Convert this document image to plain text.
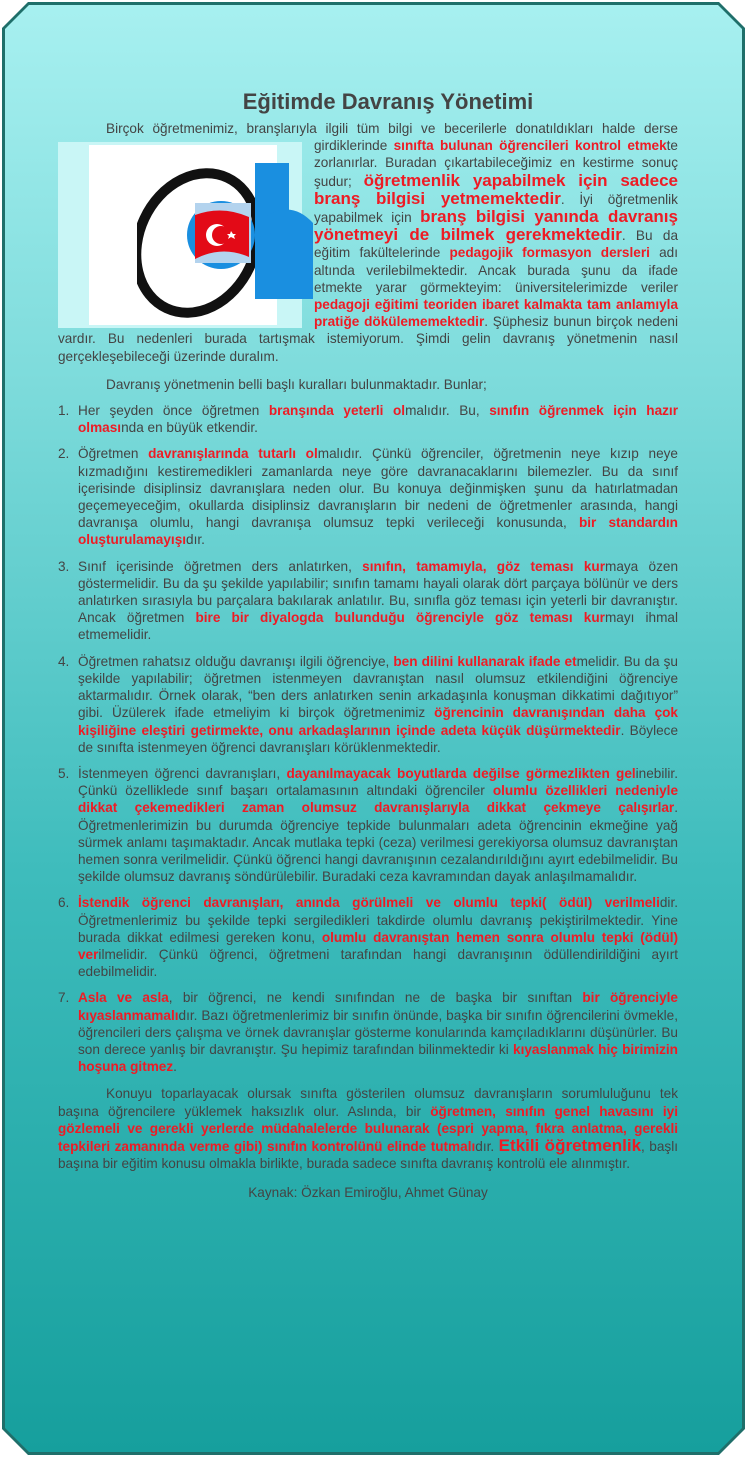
Eğitimde Davranış Yönetimi

Birçok öğretmenimiz, branşlarıyla ilgili tüm bilgi ve becerilerle donatıldıkları halde derse girdiklerinde
sınıfta bulunan öğrencileri kontrol etmekte zorlanırlar. Buradan çıkartabileceğimiz en kestirme sonuç şudur; öğretmenlik yapabilmek için sadece branş bilgisi yetmemektedir. İyi öğretmenlik yapabilmek için branş bilgisi yanında davranış yönetmeyi de bilmek gerekmektedir. Bu da eğitim fakültelerinde pedagojik formasyon dersleri adı altında verilebilmektedir. Ancak burada şunu da ifade etmekte yarar görmekteyim: üniversitelerimizde veriler pedagoji eğitimi teoriden ibaret kalmakta tam anlamıyla pratiğe dökülememektedir. Şüphesiz bunun birçok nedeni vardır. Bu nedenleri burada tartışmak istemiyorum. Şimdi gelin davranış yönetmenin nasıl gerçekleşebileceği üzerinde duralım.

Davranış yönetmenin belli başlı kuralları bulunmaktadır. Bunlar;

1. Her şeyden önce öğretmen branşında yeterli olmalıdır. Bu, sınıfın öğrenmek için hazır olmasında en büyük etkendir.
2. Öğretmen davranışlarında tutarlı olmalıdır. Çünkü öğrenciler, öğretmenin neye kızıp neye kızmadığını kestiremedikleri zamanlarda neye göre davranacaklarını bilemezler. Bu da sınıf içerisinde disiplinsiz davranışlara neden olur. Bu konuya değinmişken şunu da hatırlatmadan geçemeyeceğim, okullarda disiplinsiz davranışların bir nedeni de öğretmenler arasında, hangi davranışa olumlu, hangi davranışa olumsuz tepki verileceği konusunda, bir standardın oluşturulamayışıdır.
3. Sınıf içerisinde öğretmen ders anlatırken, sınıfın, tamamıyla, göz teması kurmaya özen göstermelidir. Bu da şu şekilde yapılabilir; sınıfın tamamı hayali olarak dört parçaya bölünür ve ders anlatırken sırasıyla bu parçalara bakılarak anlatılır. Bu, sınıfla göz teması için yeterli bir davranıştır. Ancak öğretmen bire bir diyalogda bulunduğu öğrenciyle göz teması kurmayı ihmal etmemelidir.
4. Öğretmen rahatsız olduğu davranışı ilgili öğrenciye, ben dilini kullanarak ifade etmelidir. Bu da şu şekilde yapılabilir; öğretmen istenmeyen davranıştan nasıl olumsuz etkilendiğini öğrenciye aktarmalıdır. Örnek olarak, “ben ders anlatırken senin arkadaşınla konuşman dikkatimi dağıtıyor” gibi. Üzülerek ifade etmeliyim ki birçok öğretmenimiz öğrencinin davranışından daha çok kişiliğine eleştiri getirmekte, onu arkadaşlarının içinde adeta küçük düşürmektedir. Böylece de sınıfta istenmeyen öğrenci davranışları körüklenmektedir.
5. İstenmeyen öğrenci davranışları, dayanılmayacak boyutlarda değilse görmezlikten gelinebilir. Çünkü özelliklede sınıf başarı ortalamasının altındaki öğrenciler olumlu özellikleri nedeniyle dikkat çekemedikleri zaman olumsuz davranışlarıyla dikkat çekmeye çalışırlar. Öğretmenlerimizin bu durumda öğrenciye tepkide bulunmaları adeta öğrencinin ekmeğine yağ sürmek anlamı taşımaktadır. Ancak mutlaka tepki (ceza) verilmesi gerekiyorsa olumsuz davranıştan hemen sonra verilmelidir. Çünkü öğrenci hangi davranışının cezalandırıldığını ayırt edebilmelidir. Bu şekilde olumsuz davranış söndürülebilir. Buradaki ceza kavramından dayak anlaşılmamalıdır.
6. İstendik öğrenci davranışları, anında görülmeli ve olumlu tepki( ödül) verilmelidir. Öğretmenlerimiz bu şekilde tepki sergiledikleri takdirde olumlu davranış pekiştirilmektedir. Yine burada dikkat edilmesi gereken konu, olumlu davranıştan hemen sonra olumlu tepki (ödül) verilmelidir. Çünkü öğrenci, öğretmeni tarafından hangi davranışının ödüllendirildiğini ayırt edebilmelidir.
7. Asla ve asla, bir öğrenci, ne kendi sınıfından ne de başka bir sınıftan bir öğrenciyle kıyaslanmamalıdır. Bazı öğretmenlerimiz bir sınıfın önünde, başka bir sınıfın öğrencilerini övmekle, öğrencileri ders çalışma ve örnek davranışlar gösterme konularında kamçıladıklarını düşünürler. Bu son derece yanlış bir davranıştır. Şu hepimiz tarafından bilinmektedir ki kıyaslanmak hiç birimizin hoşuna gitmez.

Konuyu toparlayacak olursak sınıfta gösterilen olumsuz davranışların sorumluluğunu tek başına öğrencilere yüklemek haksızlık olur. Aslında, bir öğretmen, sınıfın genel havasını iyi gözlemeli ve gerekli yerlerde müdahalelerde bulunarak (espri yapma, fıkra anlatma, gerekli tepkileri zamanında verme gibi) sınıfın kontrolünü elinde tutmalıdır. Etkili öğretmenlik, başlı başına bir eğitim konusu olmakla birlikte, burada sadece sınıfta davranış kontrolü ele alınmıştır.

Kaynak: Özkan Emiroğlu, Ahmet Günay
